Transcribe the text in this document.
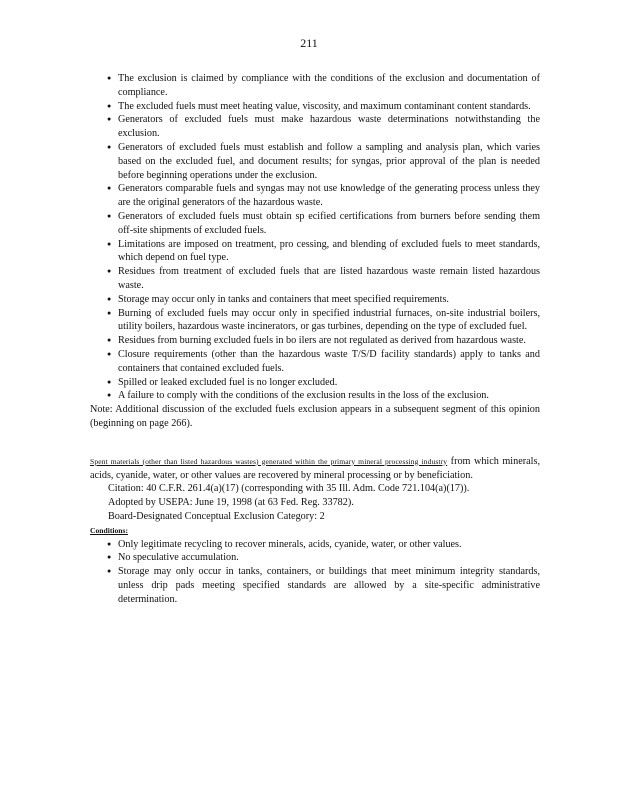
211
● The exclusion is claimed by compliance with the conditions of the exclusion and documentation of compliance.
● The excluded fuels must meet heating value, viscosity, and maximum contaminant content standards.
● Generators of excluded fuels must make hazardous waste determinations notwithstanding the exclusion.
● Generators of excluded fuels must establish and follow a sampling and analysis plan, which varies based on the excluded fuel, and document results; for syngas, prior approval of the plan is needed before beginning operations under the exclusion.
● Generators comparable fuels and syngas may not use knowledge of the generating process unless they are the original generators of the hazardous waste.
● Generators of excluded fuels must obtain sp ecified certifications from burners before sending them off-site shipments of excluded fuels.
● Limitations are imposed on treatment, pro cessing, and blending of excluded fuels to meet standards, which depend on fuel type.
● Residues from treatment of excluded fuels that are listed hazardous waste remain listed hazardous waste.
● Storage may occur only in tanks and containers that meet specified requirements.
● Burning of excluded fuels may occur only in specified industrial furnaces, on-site industrial boilers, utility boilers, hazardous waste incinerators, or gas turbines, depending on the type of excluded fuel.
● Residues from burning excluded fuels in bo ilers are not regulated as derived from hazardous waste.
● Closure requirements (other than the hazardous waste T/S/D facility standards) apply to tanks and containers that contained excluded fuels.
● Spilled or leaked excluded fuel is no longer excluded.
● A failure to comply with the conditions of the exclusion results in the loss of the exclusion.

Note: Additional discussion of the excluded fuels exclusion appears in a subsequent segment of this opinion (beginning on page 266).

Spent materials (other than listed hazardous wastes) generated within the primary mineral processing industry from which minerals, acids, cyanide, water, or other values are recovered by mineral processing or by beneficiation.

Citation: 40 C.F.R. 261.4(a)(17) (corresponding with 35 Ill. Adm. Code 721.104(a)(17)).

Adopted by USEPA: June 19, 1998 (at 63 Fed. Reg. 33782).

Board-Designated Conceptual Exclusion Category: 2

Conditions:

● Only legitimate recycling to recover minerals, acids, cyanide, water, or other values.
● No speculative accumulation.
● Storage may only occur in tanks, containers, or buildings that meet minimum integrity standards, unless drip pads meeting specified standards are allowed by a site-specific administrative determination.
